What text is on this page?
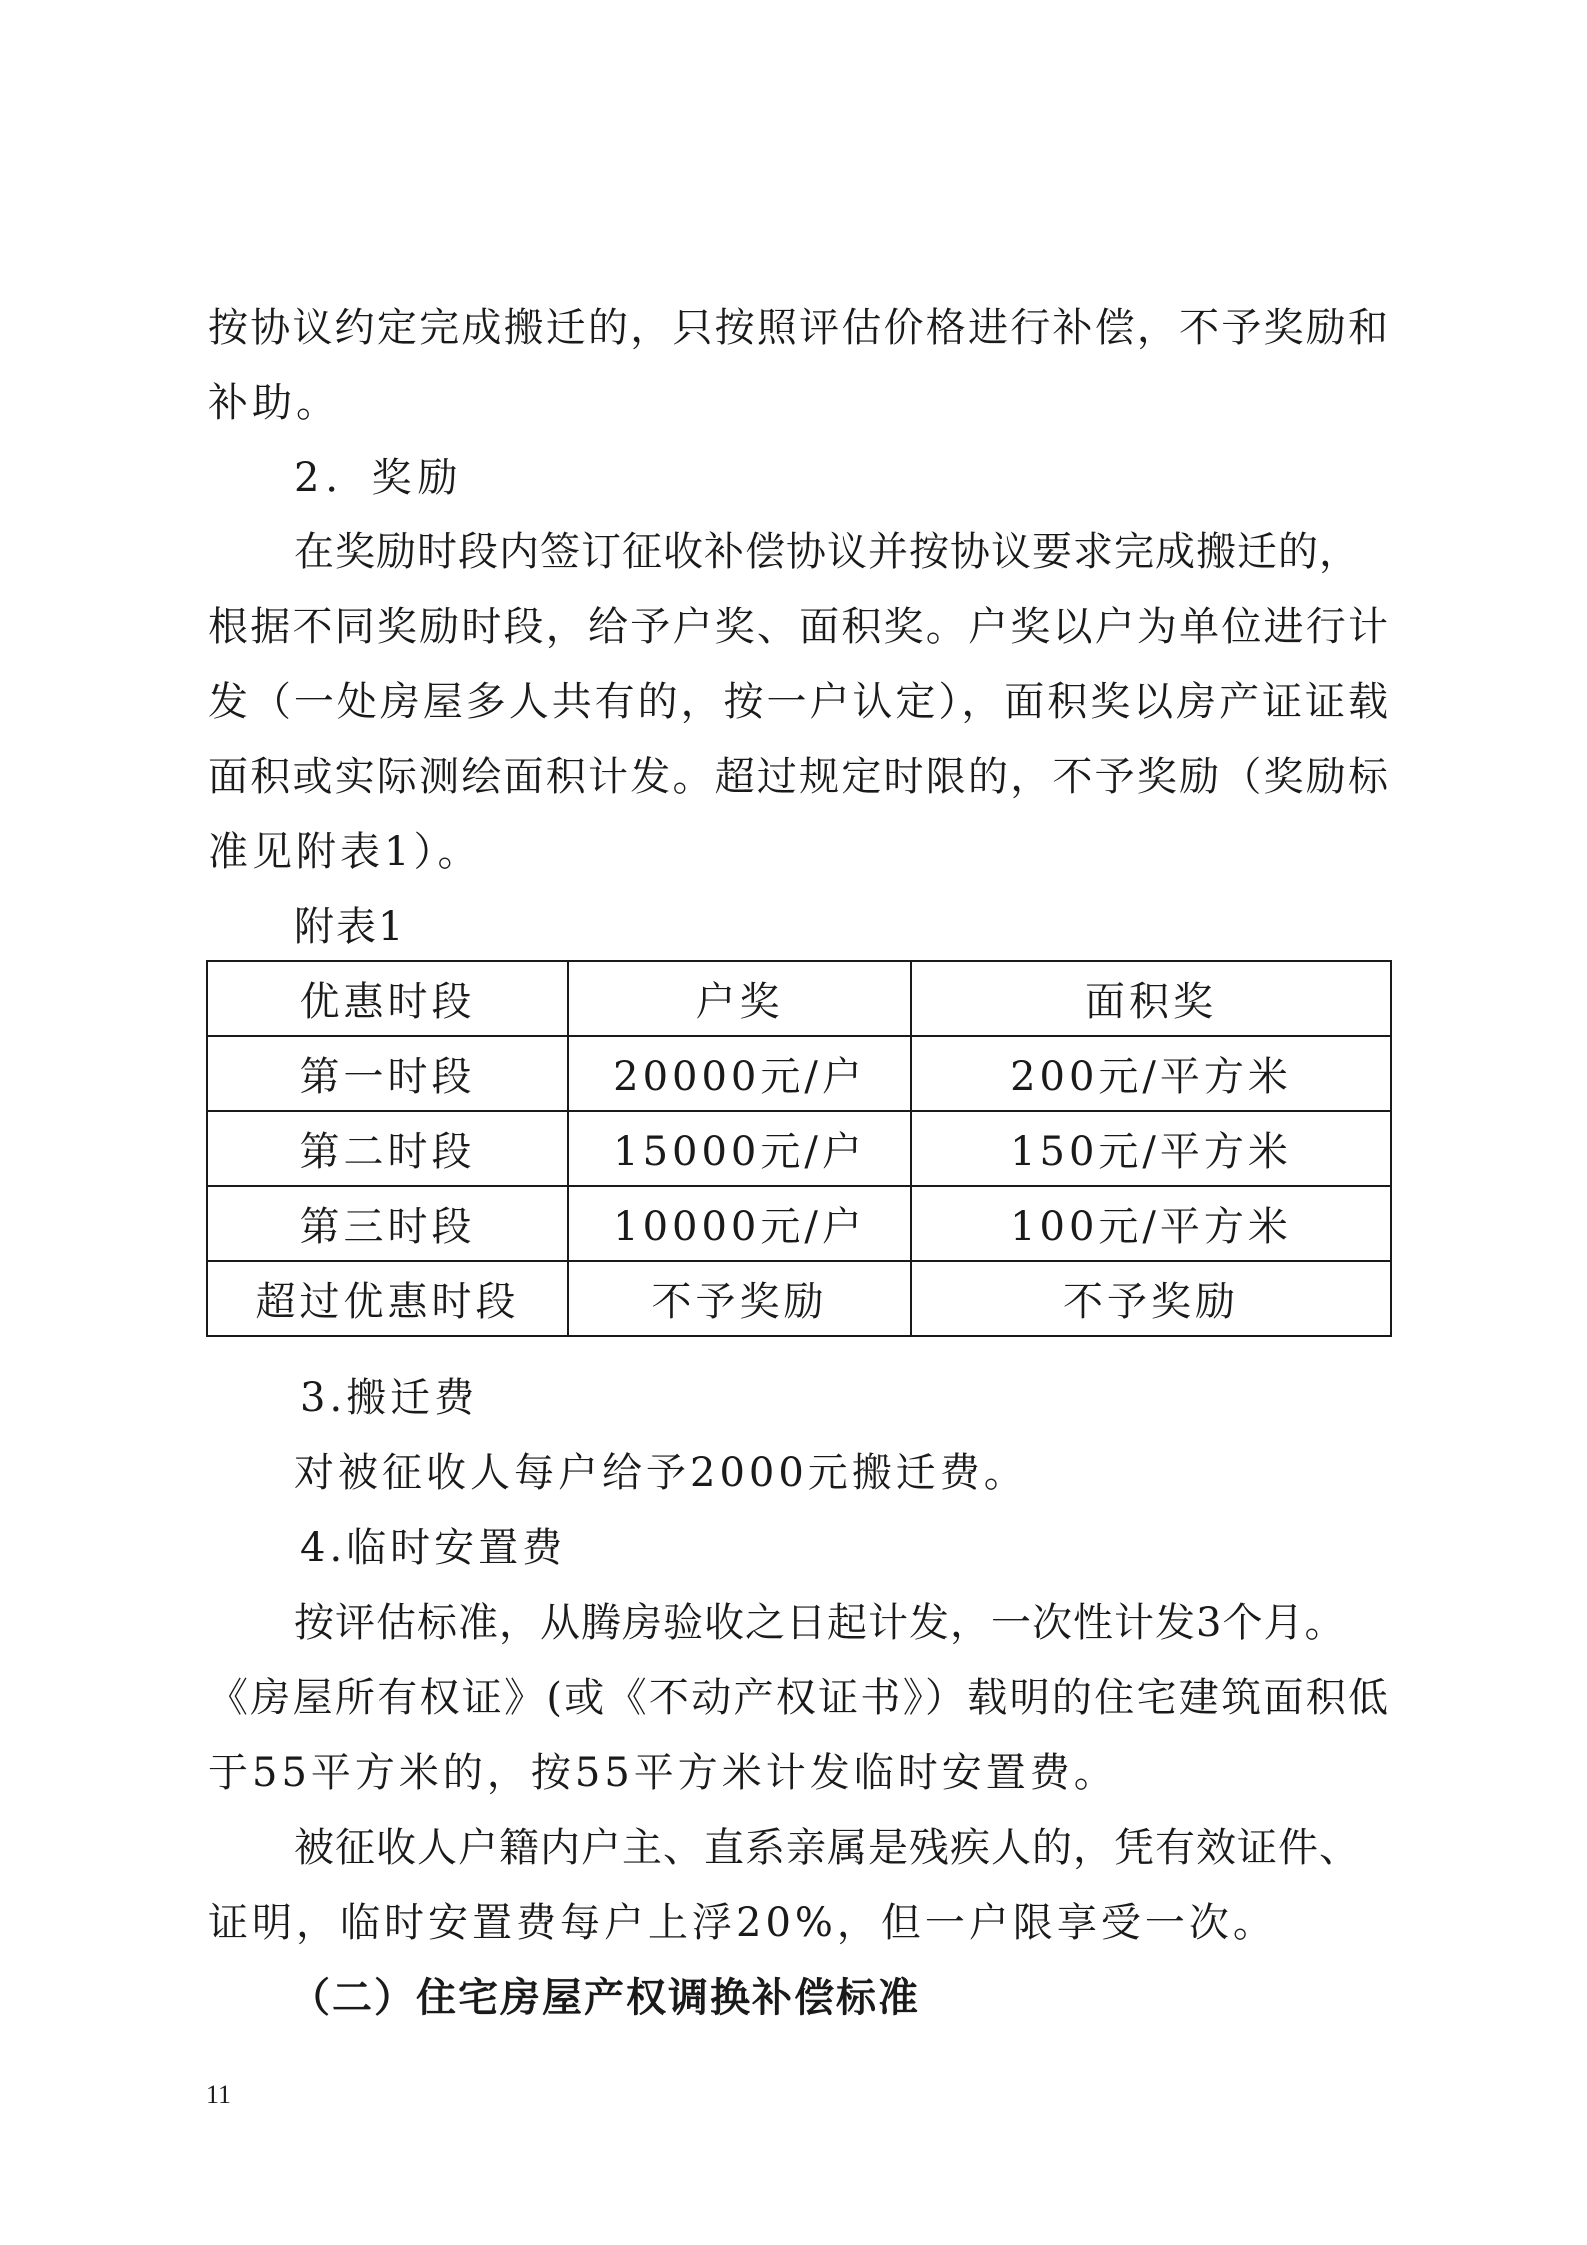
按协议约定完成搬迁的，只按照评估价格进行补偿，不予奖励和
补助。
2．奖励
在奖励时段内签订征收补偿协议并按协议要求完成搬迁的，
根据不同奖励时段，给予户奖、面积奖。户奖以户为单位进行计
发（一处房屋多人共有的，按一户认定），面积奖以房产证证载
面积或实际测绘面积计发。超过规定时限的，不予奖励（奖励标
准见附表1）。
附表1
优惠时段	户奖	面积奖
第一时段	20000元/户	200元/平方米
第二时段	15000元/户	150元/平方米
第三时段	10000元/户	100元/平方米
超过优惠时段	不予奖励	不予奖励
3.搬迁费
对被征收人每户给予2000元搬迁费。
4.临时安置费
按评估标准，从腾房验收之日起计发，一次性计发3个月。
《房屋所有权证》(或《不动产权证书》）载明的住宅建筑面积低
于55平方米的，按55平方米计发临时安置费。
被征收人户籍内户主、直系亲属是残疾人的，凭有效证件、
证明，临时安置费每户上浮20%，但一户限享受一次。
（二）住宅房屋产权调换补偿标准
11
